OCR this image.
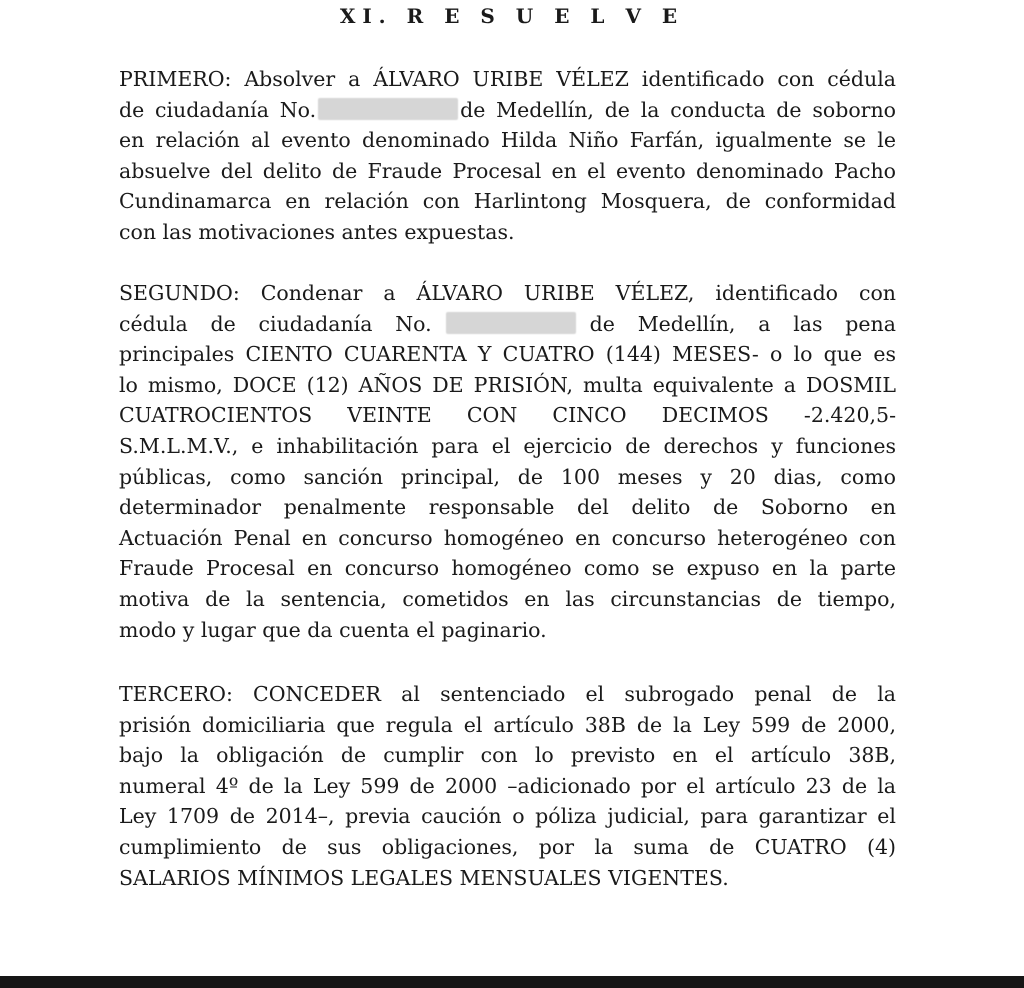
XI. R E S U E L V E
PRIMERO: Absolver a ÁLVARO URIBE VÉLEZ identificado con cédula
de ciudadanía No.	de Medellín, de la conducta de soborno
en relación al evento denominado Hilda Niño Farfán, igualmente se le
absuelve del delito de Fraude Procesal en el evento denominado Pacho
Cundinamarca en relación con Harlintong Mosquera, de conformidad
con las motivaciones antes expuestas.
SEGUNDO: Condenar a ÁLVARO URIBE VÉLEZ, identificado con
cédula de ciudadanía No.	de Medellín, a las pena
principales CIENTO CUARENTA Y CUATRO (144) MESES- o lo que es
lo mismo, DOCE (12) AÑOS DE PRISIÓN, multa equivalente a DOSMIL
CUATROCIENTOS VEINTE CON CINCO DECIMOS -2.420,5-
S.M.L.M.V., e inhabilitación para el ejercicio de derechos y funciones
públicas, como sanción principal, de 100 meses y 20 dias, como
determinador penalmente responsable del delito de Soborno en
Actuación Penal en concurso homogéneo en concurso heterogéneo con
Fraude Procesal en concurso homogéneo como se expuso en la parte
motiva de la sentencia, cometidos en las circunstancias de tiempo,
modo y lugar que da cuenta el paginario.
TERCERO: CONCEDER al sentenciado el subrogado penal de la
prisión domiciliaria que regula el artículo 38B de la Ley 599 de 2000,
bajo la obligación de cumplir con lo previsto en el artículo 38B,
numeral 4º de la Ley 599 de 2000 –adicionado por el artículo 23 de la
Ley 1709 de 2014–, previa caución o póliza judicial, para garantizar el
cumplimiento de sus obligaciones, por la suma de CUATRO (4)
SALARIOS MÍNIMOS LEGALES MENSUALES VIGENTES.
